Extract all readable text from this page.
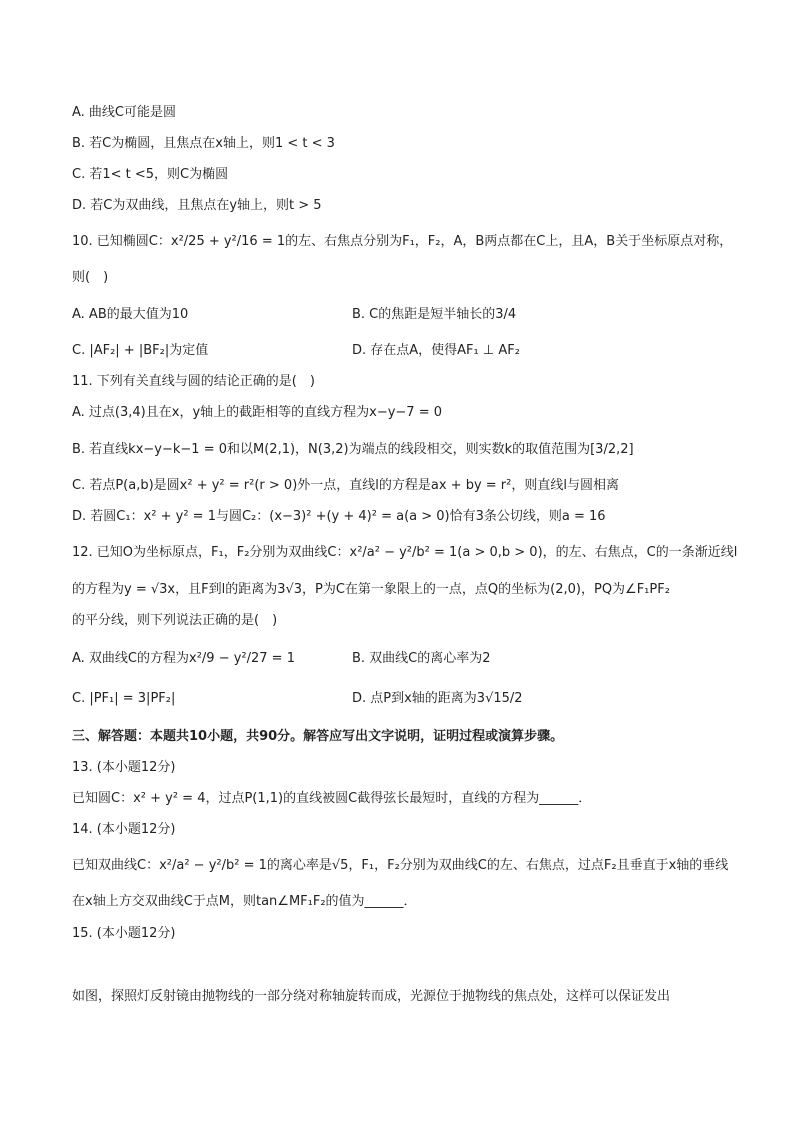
A. 曲线C可能是圆
B. 若C为椭圆，且焦点在x轴上，则1 < t < 3
C. 若1< t <5，则C为椭圆
D. 若C为双曲线，且焦点在y轴上，则t > 5
10. 已知椭圆C：x²/25 + y²/16 = 1的左、右焦点分别为F₁，F₂，A，B两点都在C上，且A，B关于坐标原点对称，
则(　)
A. AB的最大值为10	B. C的焦距是短半轴长的3/4
C. |AF₂| + |BF₂|为定值	D. 存在点A，使得AF₁ ⊥ AF₂
11. 下列有关直线与圆的结论正确的是(　)
A. 过点(3,4)且在x，y轴上的截距相等的直线方程为x−y−7 = 0
B. 若直线kx−y−k−1 = 0和以M(2,1)，N(3,2)为端点的线段相交，则实数k的取值范围为[3/2,2]
C. 若点P(a,b)是圆x² + y² = r²(r > 0)外一点，直线l的方程是ax + by = r²，则直线l与圆相离
D. 若圆C₁：x² + y² = 1与圆C₂：(x−3)² +(y + 4)² = a(a > 0)恰有3条公切线，则a = 16
12. 已知O为坐标原点，F₁，F₂分别为双曲线C：x²/a² − y²/b² = 1(a > 0,b > 0)，的左、右焦点，C的一条渐近线l
的方程为y = √3x，且F到l的距离为3√3，P为C在第一象限上的一点，点Q的坐标为(2,0)，PQ为∠F₁PF₂
的平分线，则下列说法正确的是(　)
A. 双曲线C的方程为x²/9 − y²/27 = 1	B. 双曲线C的离心率为2
C. |PF₁| = 3|PF₂|	D. 点P到x轴的距离为3√15/2
三、解答题：本题共10小题，共90分。解答应写出文字说明，证明过程或演算步骤。
13. (本小题12分)
已知圆C：x² + y² = 4，过点P(1,1)的直线被圆C截得弦长最短时，直线的方程为______．
14. (本小题12分)
已知双曲线C：x²/a² − y²/b² = 1的离心率是√5，F₁，F₂分别为双曲线C的左、右焦点，过点F₂且垂直于x轴的垂线
在x轴上方交双曲线C于点M，则tan∠MF₁F₂的值为______．
15. (本小题12分)
如图，探照灯反射镜由抛物线的一部分绕对称轴旋转而成，光源位于抛物线的焦点处，这样可以保证发出
